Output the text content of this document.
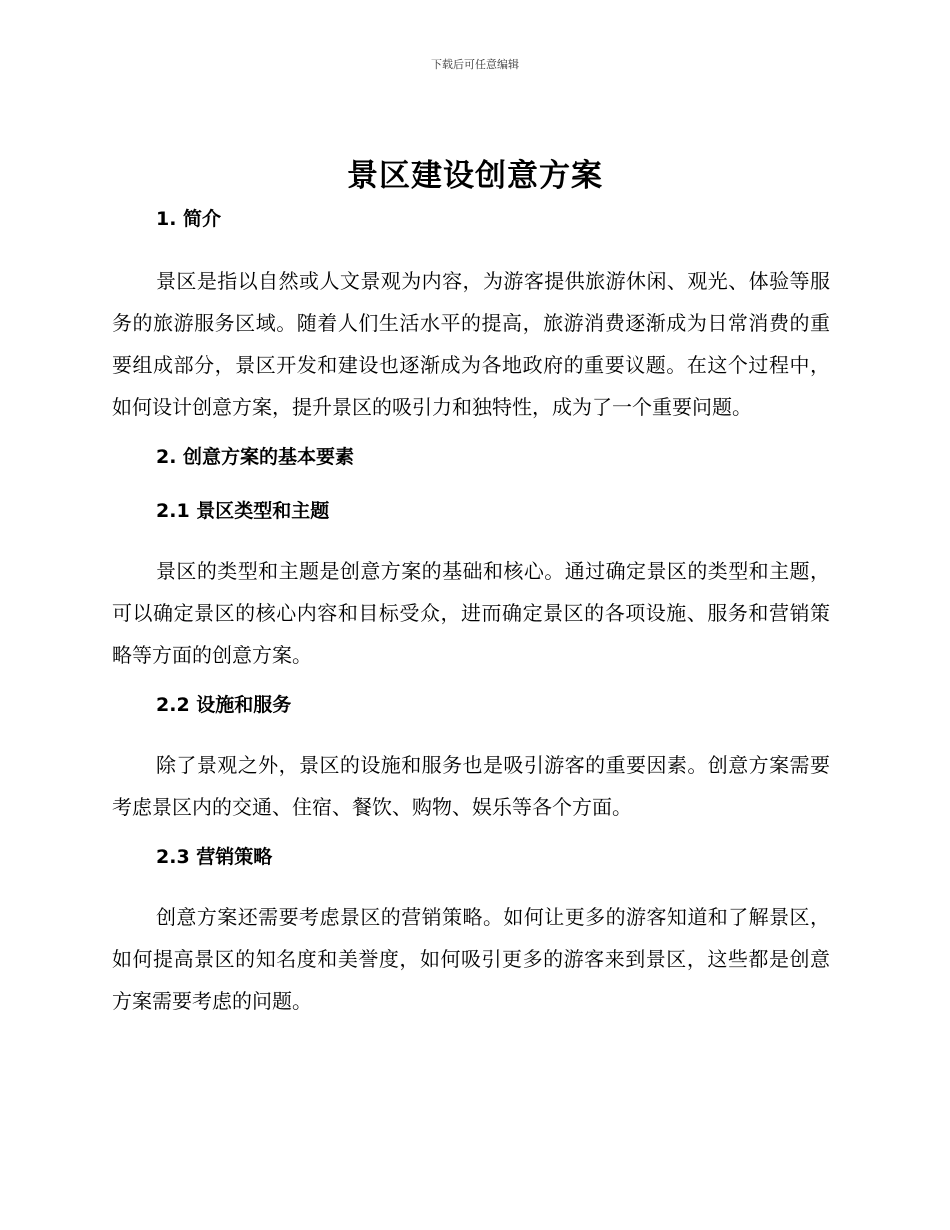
下载后可任意编辑
景区建设创意方案

1. 简介

景区是指以自然或人文景观为内容，为游客提供旅游休闲、观光、体验等服务的旅游服务区域。随着人们生活水平的提高，旅游消费逐渐成为日常消费的重要组成部分，景区开发和建设也逐渐成为各地政府的重要议题。在这个过程中，如何设计创意方案，提升景区的吸引力和独特性，成为了一个重要问题。

2. 创意方案的基本要素

2.1 景区类型和主题

景区的类型和主题是创意方案的基础和核心。通过确定景区的类型和主题，可以确定景区的核心内容和目标受众，进而确定景区的各项设施、服务和营销策略等方面的创意方案。

2.2 设施和服务

除了景观之外，景区的设施和服务也是吸引游客的重要因素。创意方案需要考虑景区内的交通、住宿、餐饮、购物、娱乐等各个方面。

2.3 营销策略

创意方案还需要考虑景区的营销策略。如何让更多的游客知道和了解景区，如何提高景区的知名度和美誉度，如何吸引更多的游客来到景区，这些都是创意方案需要考虑的问题。
